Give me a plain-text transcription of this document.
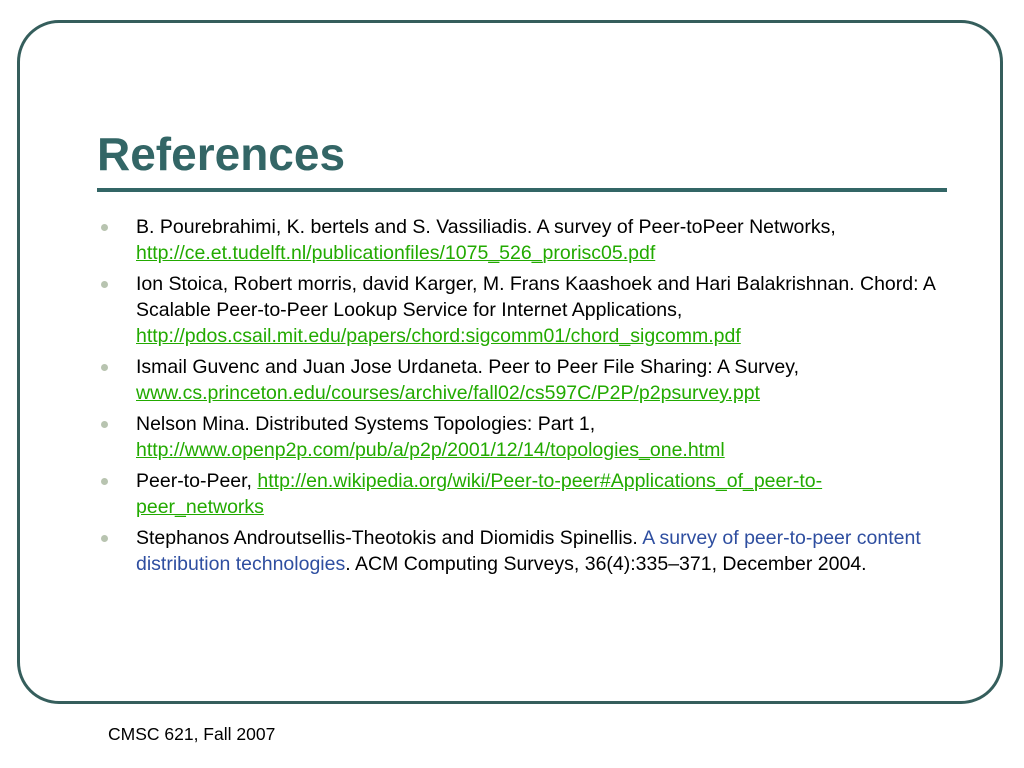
References
B. Pourebrahimi, K. bertels and S. Vassiliadis. A survey of Peer-toPeer Networks, http://ce.et.tudelft.nl/publicationfiles/1075_526_prorisc05.pdf
Ion Stoica, Robert morris, david Karger, M. Frans Kaashoek and Hari Balakrishnan. Chord: A Scalable Peer-to-Peer Lookup Service for Internet Applications, http://pdos.csail.mit.edu/papers/chord:sigcomm01/chord_sigcomm.pdf
Ismail Guvenc and Juan Jose Urdaneta. Peer to Peer File Sharing: A Survey, www.cs.princeton.edu/courses/archive/fall02/cs597C/P2P/p2psurvey.ppt
Nelson Mina. Distributed Systems Topologies: Part 1, http://www.openp2p.com/pub/a/p2p/2001/12/14/topologies_one.html
Peer-to-Peer, http://en.wikipedia.org/wiki/Peer-to-peer#Applications_of_peer-to-peer_networks
Stephanos Androutsellis-Theotokis and Diomidis Spinellis. A survey of peer-to-peer content distribution technologies. ACM Computing Surveys, 36(4):335–371, December 2004.
CMSC 621, Fall 2007
